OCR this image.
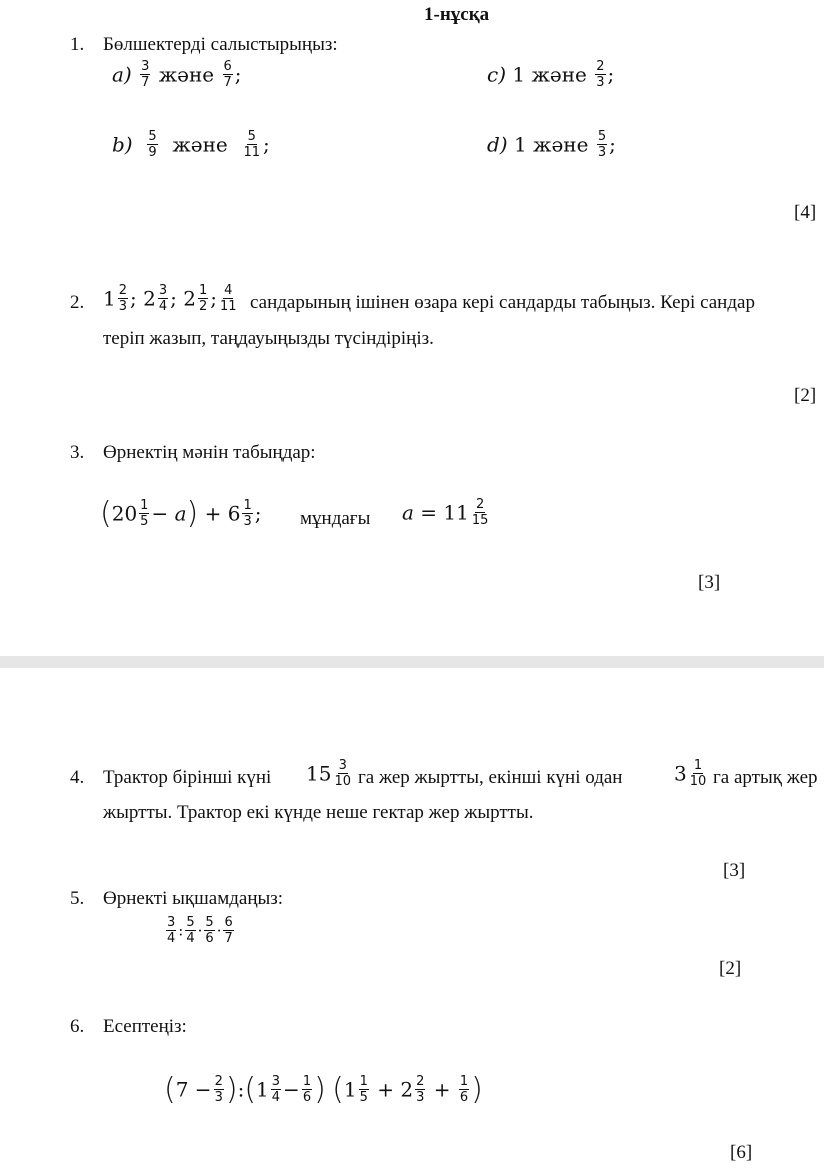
1-нұсқа
1. Бөлшектерді салыстырыңыз:
$a) \frac{3}{7}$ және $\frac{6}{7}$ ;	c) 1 және $\frac{2}{3}$ ;
$b) \frac{5}{9}$ және $\frac{5}{11}$ ;	d) 1 және $\frac{5}{3}$ ;
[4]
2. $1 \frac{2}{3}$ ; $2 \frac{3}{4}$ ; $2 \frac{1}{2}$ ; $\frac{4}{11}$ сандарының ішінен өзара кері сандарды табыңыз. Кері сандар
теріп жазып, таңдауыңызды түсіндіріңіз.
[2]
3. Өрнектің мәнін табыңдар:
$(20 \frac{1}{5} - a) + 6 \frac{1}{3}$ ; мұндағы $a = 11 \frac{2}{15}$
[3]
4. Трактор бірінші күні $15 \frac{3}{10}$ га жер жыртты, екінші күні одан	$3 \frac{1}{10}$ га артық жер
жыртты. Трактор екі күнде неше гектар жер жыртты.
[3]
5. Өрнекті ықшамдаңыз:
$\frac{3}{4}$ : $\frac{5}{4} \cdot \frac{5}{6} \cdot \frac{6}{7}$
[2]
6. Есептеңіз:
($7 - \frac{2}{3}$ ):(1 $\frac{3}{4} - \frac{1}{6}$ ) ($1 \frac{1}{5} + 2 \frac{2}{3} + \frac{1}{6}$ )
[6]
